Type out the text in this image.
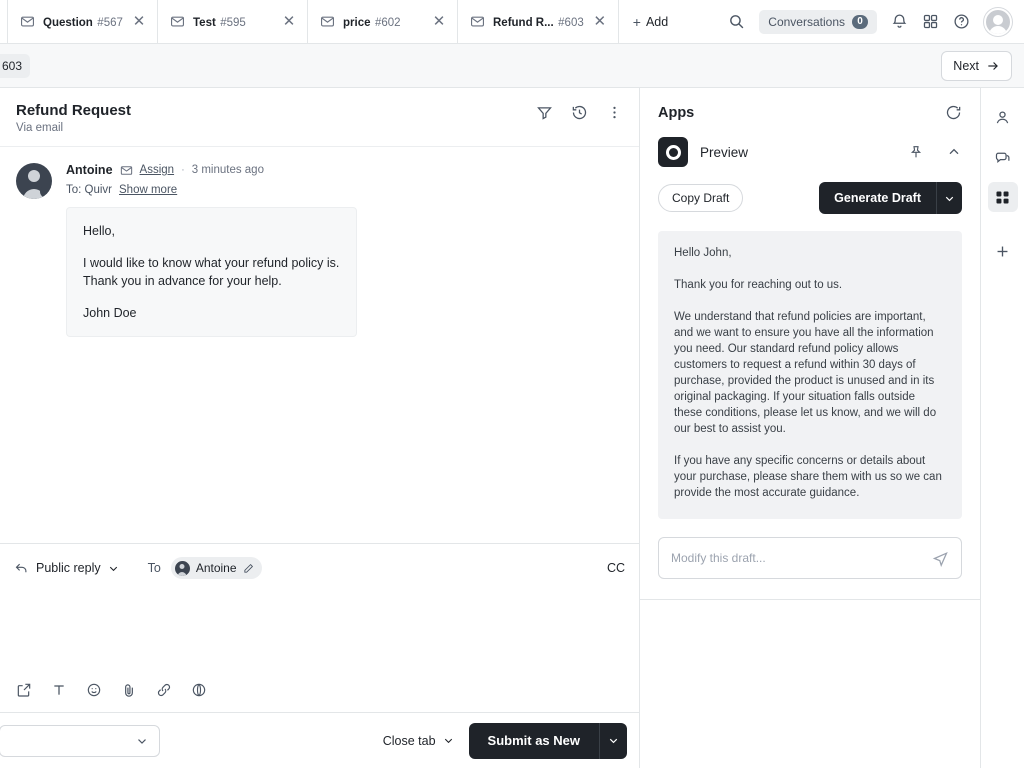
Question #567 ✕	Test #595	✕	price #602	✕	Refund R... #603 ✕ + Add	Conversations	0
603	Next
Refund Request
Via email
Antoine Assign · 3 minutes ago
To: Quivr Show more

Hello,

I would like to know what your refund policy is.

Thank you in advance for your help.

John Doe

Public reply	To	Antoine	CC
Close tab	Submit as New
Apps
Preview
Copy Draft	Generate Draft

Hello John,

Thank you for reaching out to us.

We understand that refund policies are important, and we want to ensure you have all the information you need. Our standard refund policy allows customers to request a refund within 30 days of purchase, provided the product is unused and in its original packaging. If your situation falls outside these conditions, please let us know, and we will do our best to assist you.

If you have any specific concerns or details about your purchase, please share them with us so we can provide the most accurate guidance.

Modify this draft...
